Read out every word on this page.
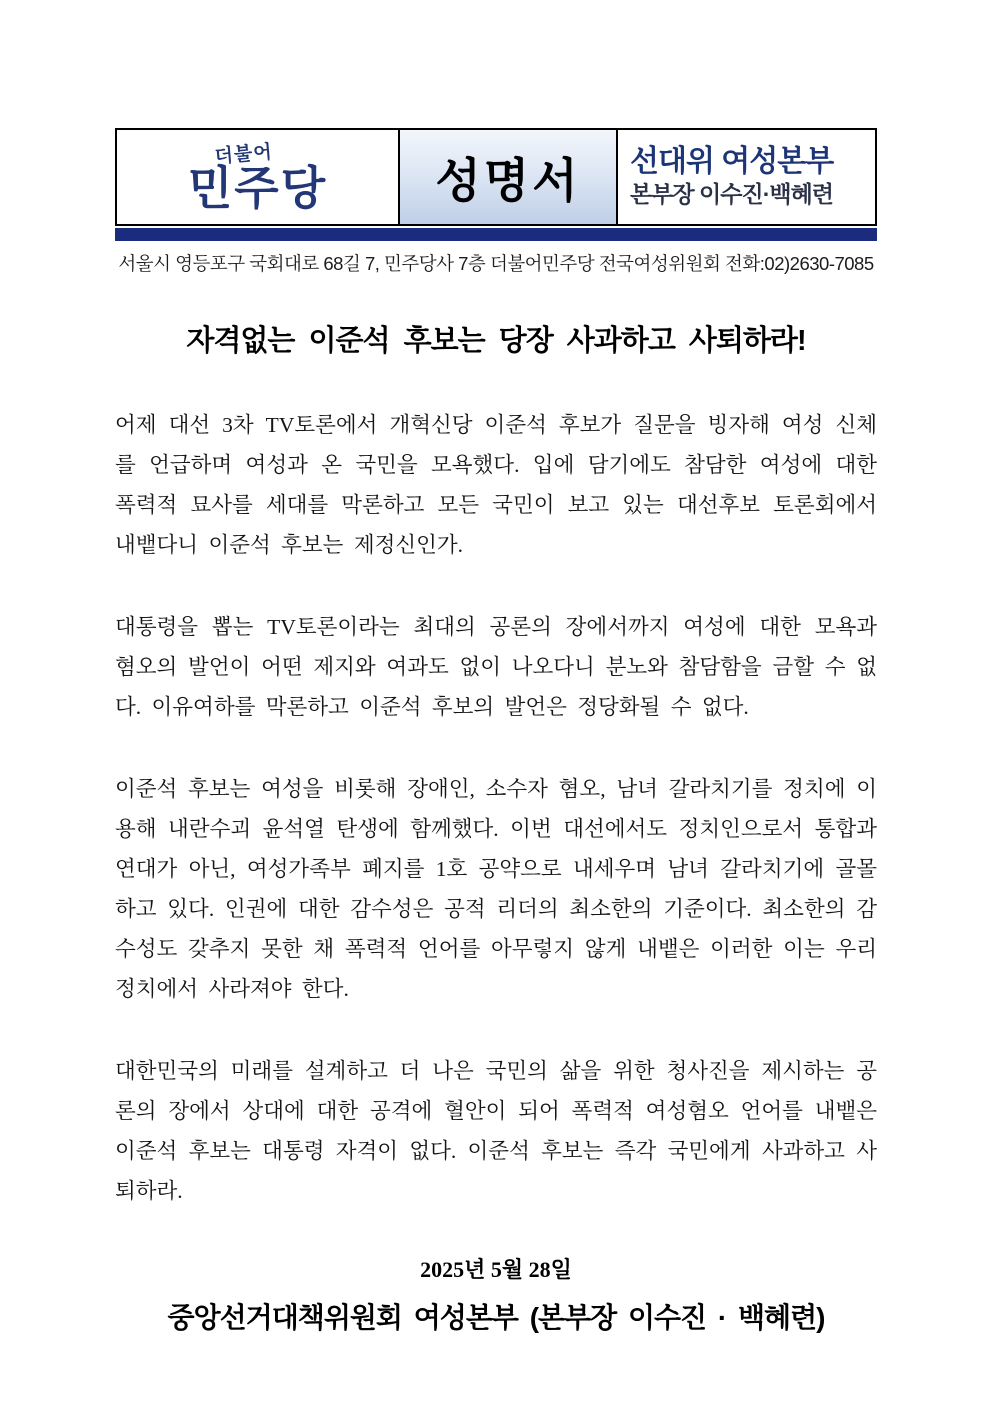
더불어
민주당 성명서 선대위 여성본부
본부장 이수진·백혜련
서울시 영등포구 국회대로 68길 7, 민주당사 7층 더불어민주당 전국여성위원회 전화:02)2630-7085
자격없는 이준석 후보는 당장 사과하고 사퇴하라!

어제 대선 3차 TV토론에서 개혁신당 이준석 후보가 질문을 빙자해 여성 신체를 언급하며 여성과 온 국민을 모욕했다. 입에 담기에도 참담한 여성에 대한 폭력적 묘사를 세대를 막론하고 모든 국민이 보고 있는 대선후보 토론회에서 내뱉다니 이준석 후보는 제정신인가.

대통령을 뽑는 TV토론이라는 최대의 공론의 장에서까지 여성에 대한 모욕과 혐오의 발언이 어떤 제지와 여과도 없이 나오다니 분노와 참담함을 금할 수 없다. 이유여하를 막론하고 이준석 후보의 발언은 정당화될 수 없다.

이준석 후보는 여성을 비롯해 장애인, 소수자 혐오, 남녀 갈라치기를 정치에 이용해 내란수괴 윤석열 탄생에 함께했다. 이번 대선에서도 정치인으로서 통합과 연대가 아닌, 여성가족부 폐지를 1호 공약으로 내세우며 남녀 갈라치기에 골몰하고 있다. 인권에 대한 감수성은 공적 리더의 최소한의 기준이다. 최소한의 감수성도 갖추지 못한 채 폭력적 언어를 아무렇지 않게 내뱉은 이러한 이는 우리 정치에서 사라져야 한다.

대한민국의 미래를 설계하고 더 나은 국민의 삶을 위한 청사진을 제시하는 공론의 장에서 상대에 대한 공격에 혈안이 되어 폭력적 여성혐오 언어를 내뱉은 이준석 후보는 대통령 자격이 없다. 이준석 후보는 즉각 국민에게 사과하고 사퇴하라.

2025년 5월 28일
중앙선거대책위원회 여성본부 (본부장 이수진 · 백혜련)
